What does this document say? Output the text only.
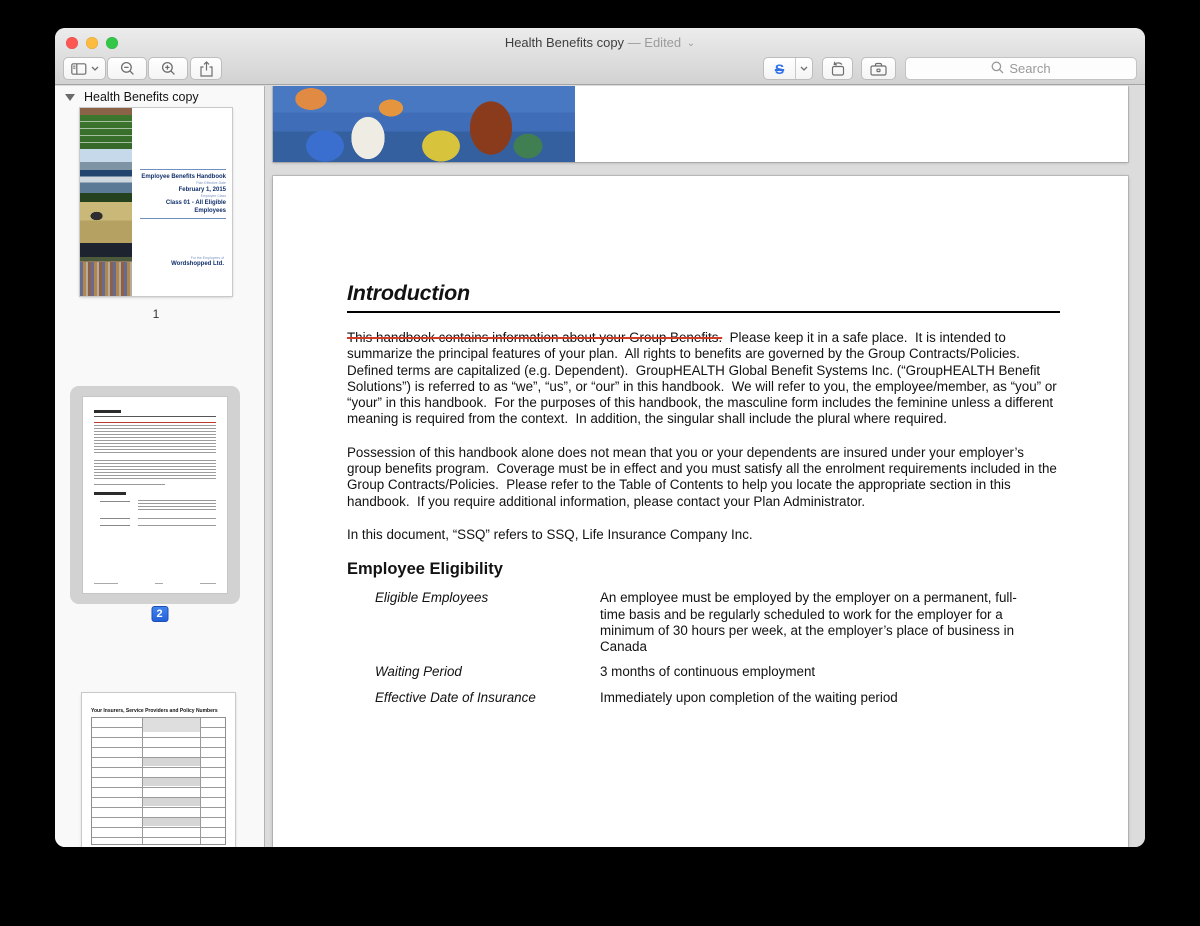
Health Benefits copy — Edited ⌄
S	Search
Health Benefits copy
Employee Benefits Handbook
Plan Effective Date
February 1, 2015
Employee Class
Class 01 - All Eligible Employees
For the Employees of
Wordshopped Ltd.
1
2
Your Insurers, Service Providers and Policy Numbers
Introduction

This handbook contains information about your Group Benefits.  Please keep it in a safe place.  It is intended to summarize the principal features of your plan.  All rights to benefits are governed by the Group Contracts/Policies.  Defined terms are capitalized (e.g. Dependent).  GroupHEALTH Global Benefit Systems Inc. (“GroupHEALTH Benefit Solutions”) is referred to as “we”, “us”, or “our” in this handbook.  We will refer to you, the employee/member, as “you” or “your” in this handbook.  For the purposes of this handbook, the masculine form includes the feminine unless a different meaning is required from the context.  In addition, the singular shall include the plural where required.

Possession of this handbook alone does not mean that you or your dependents are insured under your employer’s group benefits program.  Coverage must be in effect and you must satisfy all the enrolment requirements included in the Group Contracts/Policies.  Please refer to the Table of Contents to help you locate the appropriate section in this handbook.  If you require additional information, please contact your Plan Administrator.

In this document, “SSQ” refers to SSQ, Life Insurance Company Inc.

Employee Eligibility
Eligible Employees	An employee must be employed by the employer on a permanent, full-time basis and be regularly scheduled to work for the employer for a minimum of 30 hours per week, at the employer’s place of business in Canada
Waiting Period	3 months of continuous employment
Effective Date of Insurance	Immediately upon completion of the waiting period
